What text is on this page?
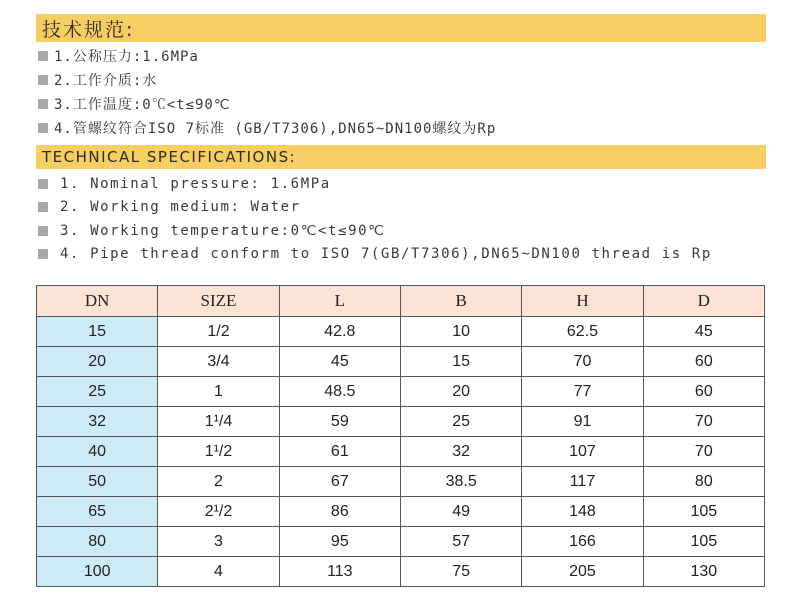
技术规范:
1.公称压力:1.6MPa
2.工作介质:水
3.工作温度:0℃<t≤90℃
4.管螺纹符合ISO 7标准 (GB/T7306),DN65~DN100螺纹为Rp
TECHNICAL SPECIFICATIONS:
1. Nominal pressure: 1.6MPa
2. Working medium: Water
3. Working temperature:0℃<t≤90℃
4. Pipe thread conform to ISO 7(GB/T7306),DN65~DN100 thread is Rp
DN	SIZE	L	B	H	D
15	1/2	42.8	10	62.5	45
20	3/4	45	15	70	60
25	1	48.5	20	77	60
32	1¹/4	59	25	91	70
40	1¹/2	61	32	107	70
50	2	67	38.5	117	80
65	2¹/2	86	49	148	105
80	3	95	57	166	105
100	4	113	75	205	130
